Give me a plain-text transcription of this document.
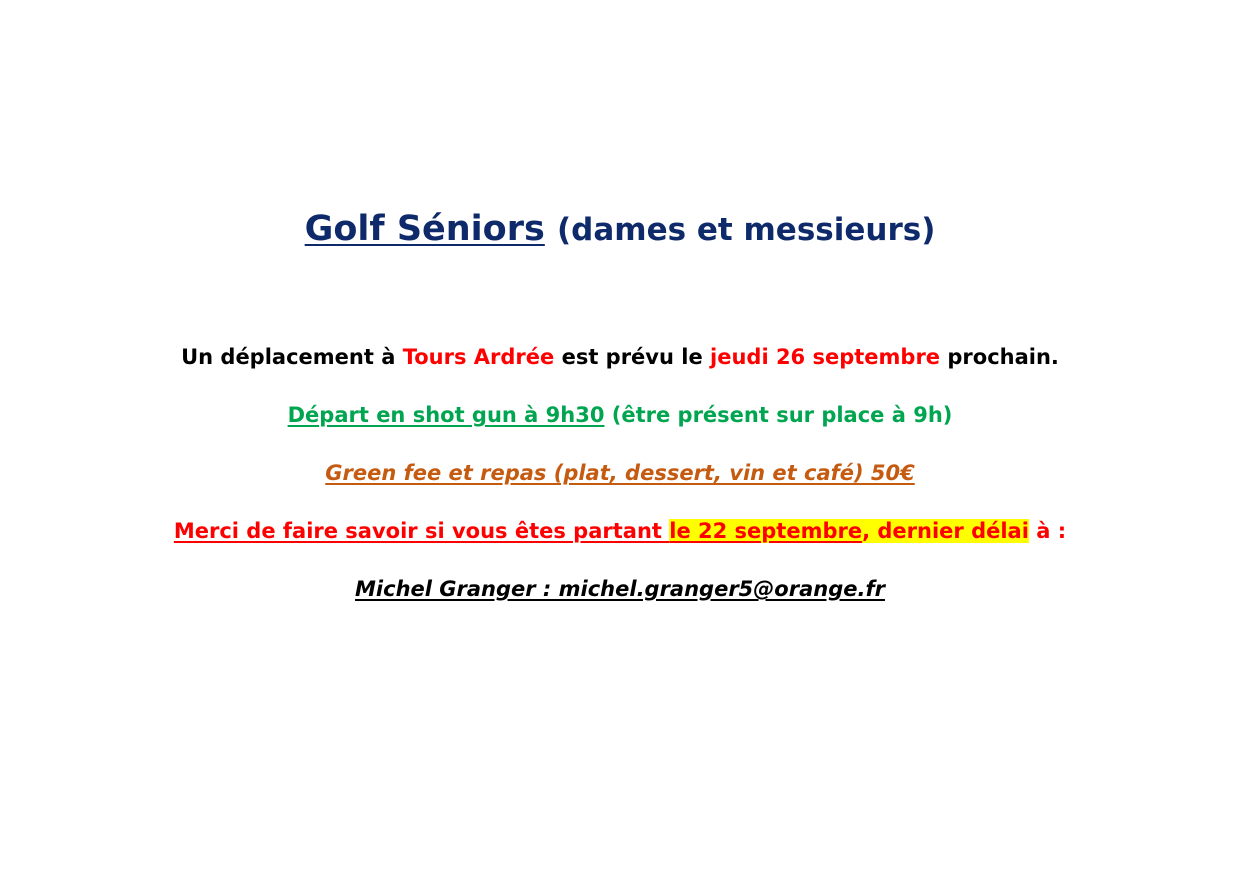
Golf Séniors (dames et messieurs)
Un déplacement à Tours Ardrée est prévu le jeudi 26 septembre prochain.
Départ en shot gun à 9h30 (être présent sur place à 9h)
Green fee et repas (plat, dessert, vin et café) 50€
Merci de faire savoir si vous êtes partant le 22 septembre, dernier délai à :
Michel Granger : michel.granger5@orange.fr
